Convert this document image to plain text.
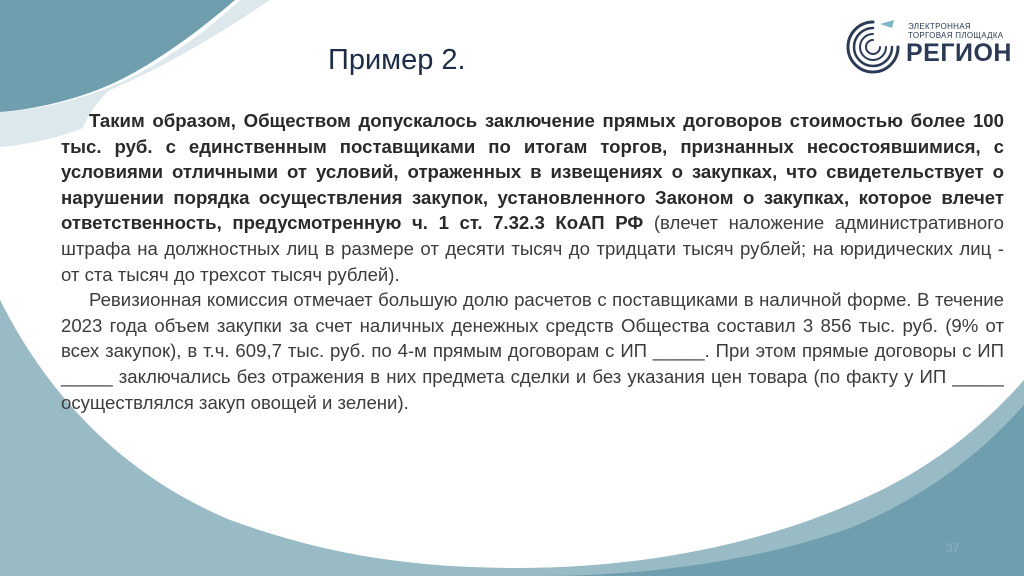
Пример 2.
ЭЛЕКТРОННАЯ
ТОРГОВАЯ ПЛОЩАДКА
РЕГИОН

Таким образом, Обществом допускалось заключение прямых договоров стоимостью более 100 тыс. руб. с единственным поставщиками по итогам торгов, признанных несостоявшимися, с условиями отличными от условий, отраженных в извещениях о закупках, что свидетельствует о нарушении порядка осуществления закупок, установленного Законом о закупках, которое влечет ответственность, предусмотренную ч. 1 ст. 7.32.3 КоАП РФ (влечет наложение административного штрафа на должностных лиц в размере от десяти тысяч до тридцати тысяч рублей; на юридических лиц - от ста тысяч до трехсот тысяч рублей).

Ревизионная комиссия отмечает большую долю расчетов с поставщиками в наличной форме. В течение 2023 года объем закупки за счет наличных денежных средств Общества составил 3 856 тыс. руб. (9% от всех закупок), в т.ч. 609,7 тыс. руб. по 4-м прямым договорам с ИП _____. При этом прямые договоры с ИП _____ заключались без отражения в них предмета сделки и без указания цен товара (по факту у ИП _____ осуществлялся закуп овощей и зелени).

37
